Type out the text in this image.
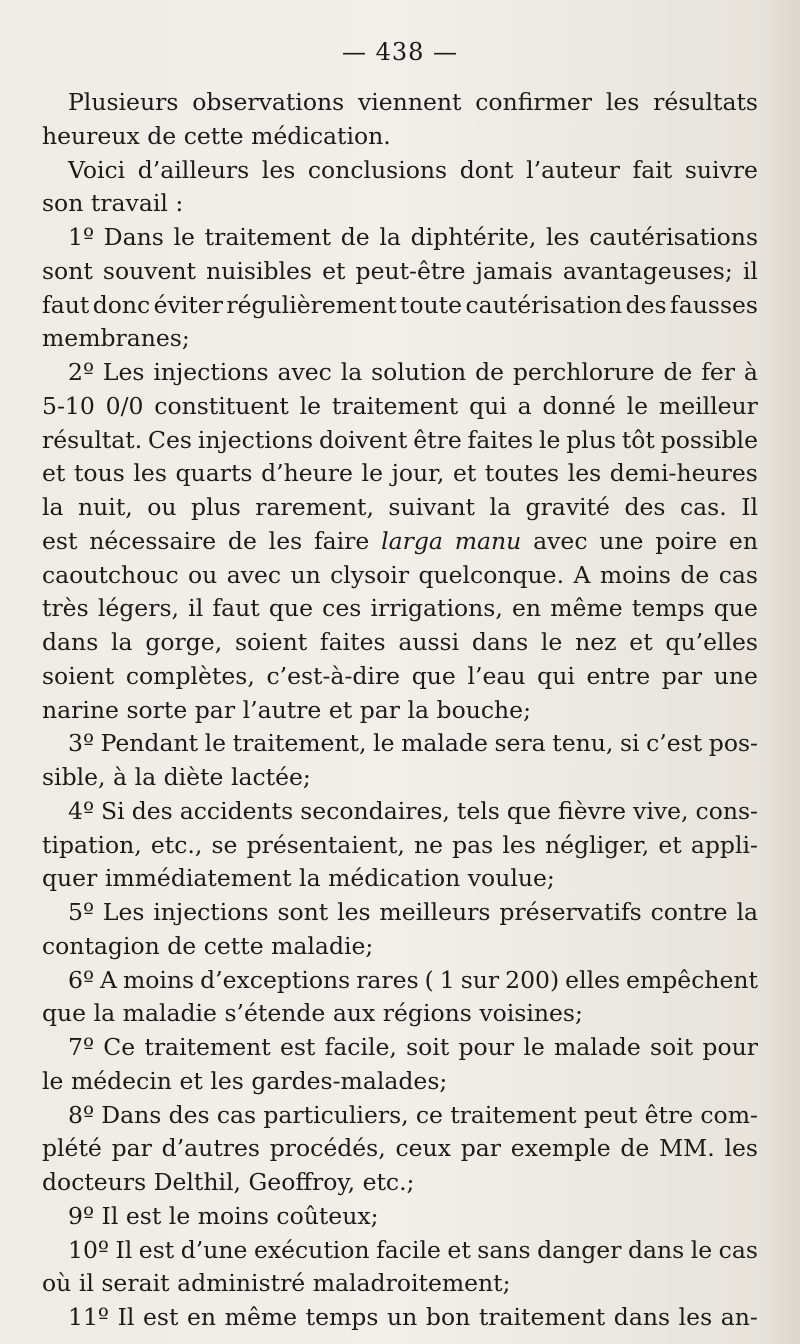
— 438 —
Plusieurs observations viennent confirmer les résultats
heureux de cette médication.
Voici d’ailleurs les conclusions dont l’auteur fait suivre
son travail :
1º Dans le traitement de la diphtérite, les cautérisations
sont souvent nuisibles et peut-être jamais avantageuses; il
faut donc éviter régulièrement toute cautérisation des fausses
membranes;
2º Les injections avec la solution de perchlorure de fer à
5-10 0/0 constituent le traitement qui a donné le meilleur
résultat. Ces injections doivent être faites le plus tôt possible
et tous les quarts d’heure le jour, et toutes les demi-heures
la nuit, ou plus rarement, suivant la gravité des cas. Il
est nécessaire de les faire larga manu avec une poire en
caoutchouc ou avec un clysoir quelconque. A moins de cas
très légers, il faut que ces irrigations, en même temps que
dans la gorge, soient faites aussi dans le nez et qu’elles
soient complètes, c’est-à-dire que l’eau qui entre par une
narine sorte par l’autre et par la bouche;
3º Pendant le traitement, le malade sera tenu, si c’est pos-
sible, à la diète lactée;
4º Si des accidents secondaires, tels que fièvre vive, cons-
tipation, etc., se présentaient, ne pas les négliger, et appli-
quer immédiatement la médication voulue;
5º Les injections sont les meilleurs préservatifs contre la
contagion de cette maladie;
6º A moins d’exceptions rares ( 1 sur 200) elles empêchent
que la maladie s’étende aux régions voisines;
7º Ce traitement est facile, soit pour le malade soit pour
le médecin et les gardes-malades;
8º Dans des cas particuliers, ce traitement peut être com-
plété par d’autres procédés, ceux par exemple de MM. les
docteurs Delthil, Geoffroy, etc.;
9º Il est le moins coûteux;
10º Il est d’une exécution facile et sans danger dans le cas
où il serait administré maladroitement;
11º Il est en même temps un bon traitement dans les an-
